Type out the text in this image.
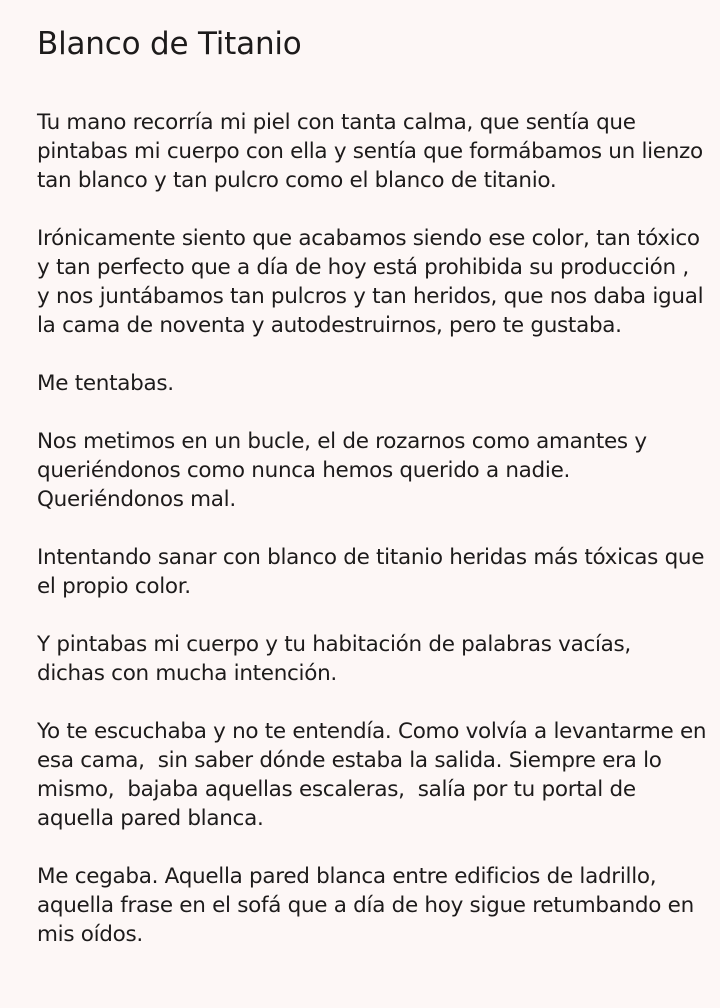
Blanco de Titanio

Tu mano recorría mi piel con tanta calma, que sentía que
pintabas mi cuerpo con ella y sentía que formábamos un lienzo
tan blanco y tan pulcro como el blanco de titanio.

Irónicamente siento que acabamos siendo ese color, tan tóxico
y tan perfecto que a día de hoy está prohibida su producción ,
y nos juntábamos tan pulcros y tan heridos, que nos daba igual
la cama de noventa y autodestruirnos, pero te gustaba.

Me tentabas.

Nos metimos en un bucle, el de rozarnos como amantes y
queriéndonos como nunca hemos querido a nadie.
Queriéndonos mal.

Intentando sanar con blanco de titanio heridas más tóxicas que
el propio color.

Y pintabas mi cuerpo y tu habitación de palabras vacías,
dichas con mucha intención.

Yo te escuchaba y no te entendía. Como volvía a levantarme en
esa cama,  sin saber dónde estaba la salida. Siempre era lo
mismo,  bajaba aquellas escaleras,  salía por tu portal de
aquella pared blanca.

Me cegaba. Aquella pared blanca entre edificios de ladrillo,
aquella frase en el sofá que a día de hoy sigue retumbando en
mis oídos.
